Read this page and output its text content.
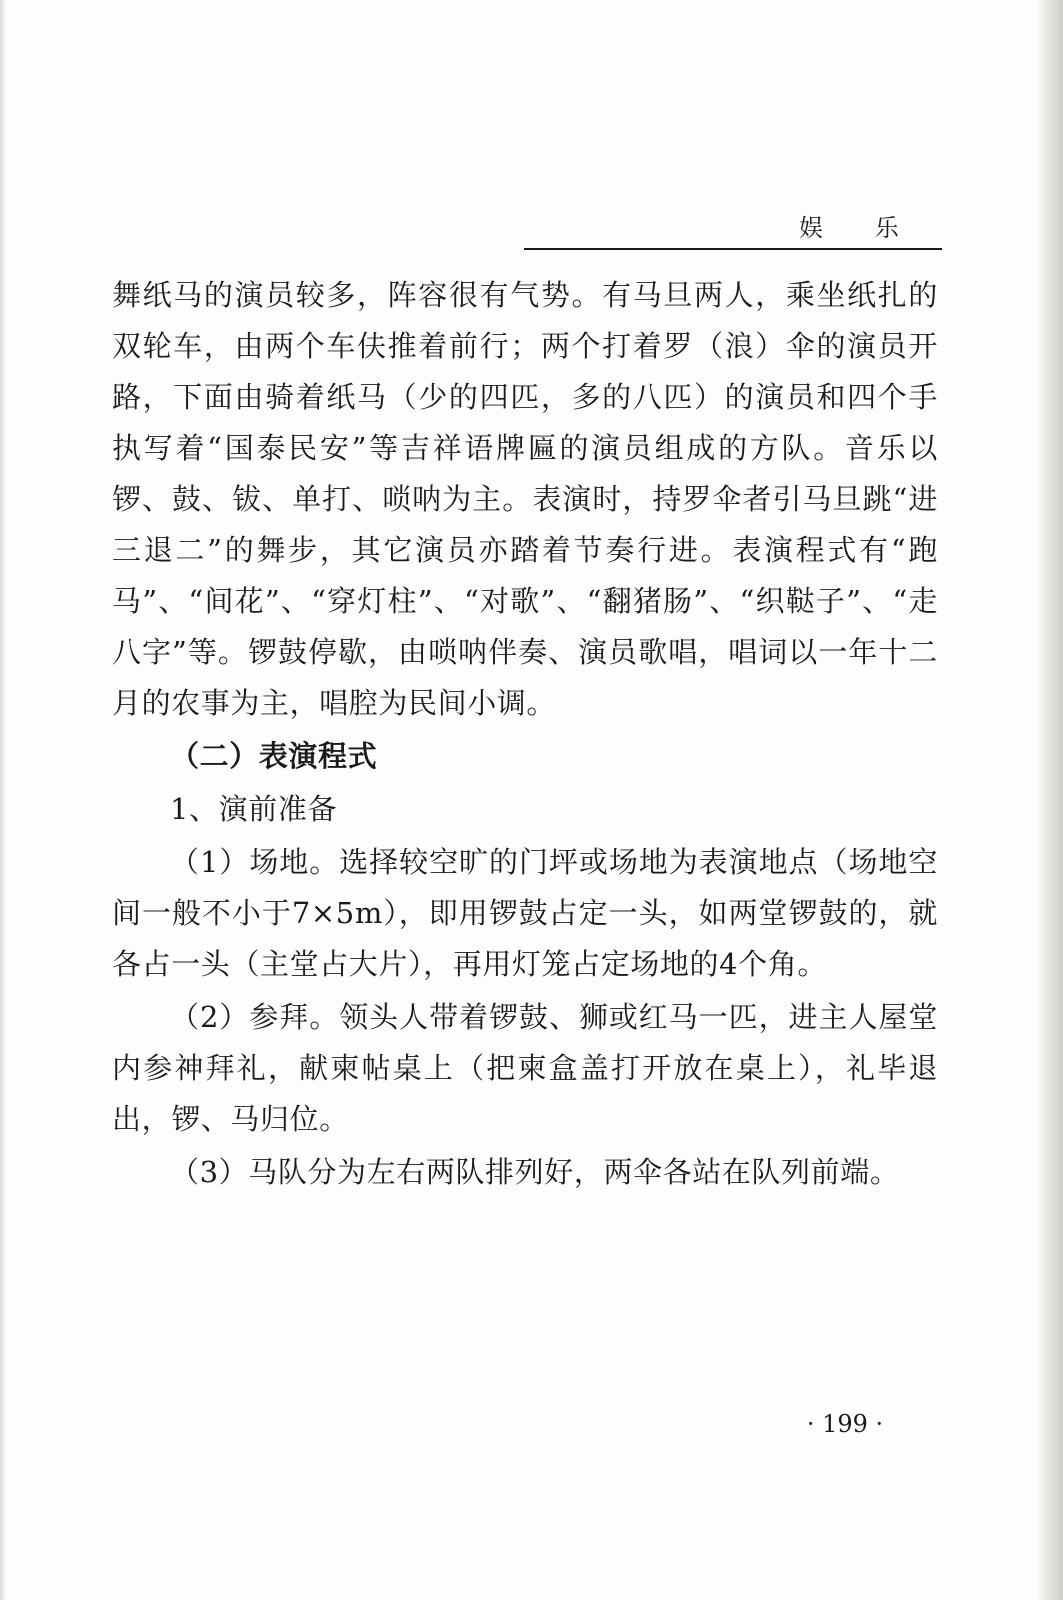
娱 乐

舞纸马的演员较多，阵容很有气势。有马旦两人，乘坐纸扎的双轮车，由两个车伕推着前行；两个打着罗（浪）伞的演员开路，下面由骑着纸马（少的四匹，多的八匹）的演员和四个手执写着“国泰民安”等吉祥语牌匾的演员组成的方队。音乐以锣、鼓、钹、单打、唢呐为主。表演时，持罗伞者引马旦跳“进三退二”的舞步，其它演员亦踏着节奏行进。表演程式有“跑马”、“间花”、“穿灯柱”、“对歌”、“翻猪肠”、“织鞑子”、“走八字”等。锣鼓停歇，由唢呐伴奏、演员歌唱，唱词以一年十二月的农事为主，唱腔为民间小调。

（二）表演程式

1、演前准备

（1）场地。选择较空旷的门坪或场地为表演地点（场地空间一般不小于7×5m），即用锣鼓占定一头，如两堂锣鼓的，就各占一头（主堂占大片），再用灯笼占定场地的4个角。

（2）参拜。领头人带着锣鼓、狮或红马一匹，进主人屋堂内参神拜礼，献柬帖桌上（把柬盒盖打开放在桌上），礼毕退出，锣、马归位。

（3）马队分为左右两队排列好，两伞各站在队列前端。

· 199 ·
